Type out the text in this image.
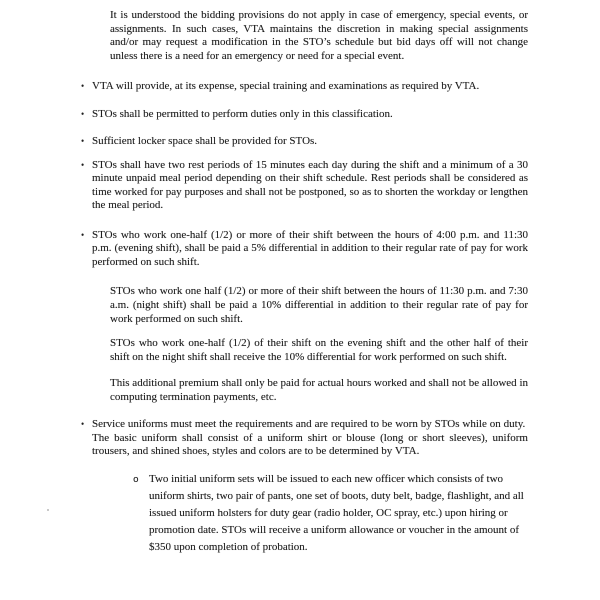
It is understood the bidding provisions do not apply in case of emergency, special events, or assignments. In such cases, VTA maintains the discretion in making special assignments and/or may request a modification in the STO’s schedule but bid days off will not change unless there is a need for an emergency or need for a special event.

• VTA will provide, at its expense, special training and examinations as required by VTA.
• STOs shall be permitted to perform duties only in this classification.
• Sufficient locker space shall be provided for STOs.
• STOs shall have two rest periods of 15 minutes each day during the shift and a minimum of a 30 minute unpaid meal period depending on their shift schedule. Rest periods shall be considered as time worked for pay purposes and shall not be postponed, so as to shorten the workday or lengthen the meal period.
• STOs who work one-half (1/2) or more of their shift between the hours of 4:00 p.m. and 11:30 p.m. (evening shift), shall be paid a 5% differential in addition to their regular rate of pay for work performed on such shift.

STOs who work one half (1/2) or more of their shift between the hours of 11:30 p.m. and 7:30 a.m. (night shift) shall be paid a 10% differential in addition to their regular rate of pay for work performed on such shift.

STOs who work one-half (1/2) of their shift on the evening shift and the other half of their shift on the night shift shall receive the 10% differential for work performed on such shift.

This additional premium shall only be paid for actual hours worked and shall not be allowed in computing termination payments, etc.

• Service uniforms must meet the requirements and are required to be worn by STOs while on duty.  The basic uniform shall consist of a uniform shirt or blouse (long or short sleeves), uniform trousers, and shined shoes, styles and colors are to be determined by VTA.
o Two initial uniform sets will be issued to each new officer which consists of two uniform shirts, two pair of pants, one set of boots, duty belt, badge, flashlight, and all issued uniform holsters for duty gear (radio holder, OC spray, etc.) upon hiring or promotion date. STOs will receive a uniform allowance or voucher in the amount of $350 upon completion of probation.
